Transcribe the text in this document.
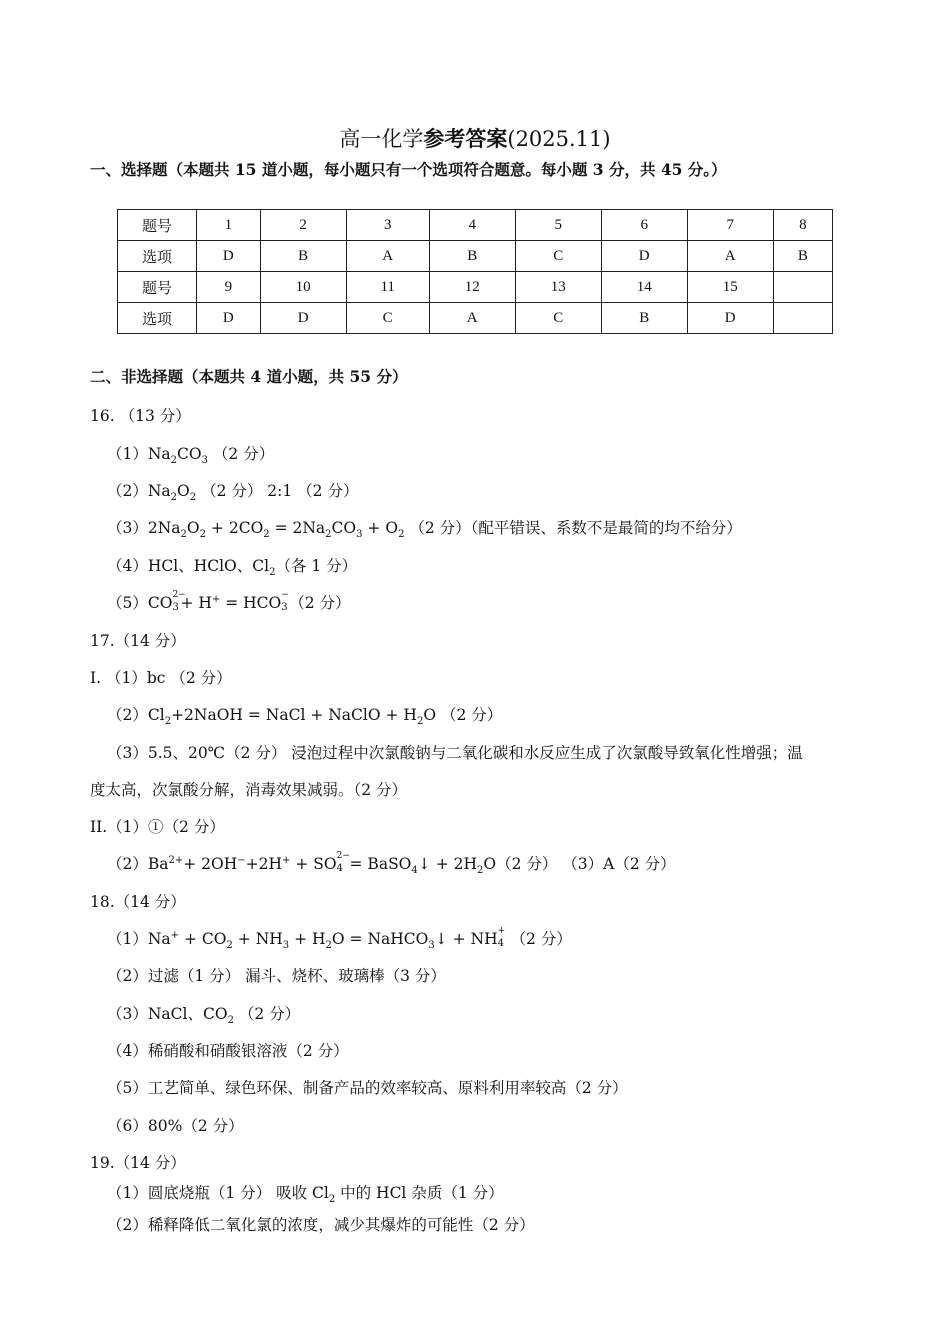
高一化学参考答案(2025.11)
一、选择题（本题共 15 道小题，每小题只有一个选项符合题意。每小题 3 分，共 45 分。）
题号	1	2	3	4	5	6	7	8
选项	D	B	A	B	C	D	A	B
题号	9	10	11	12	13	14	15	
选项	D	D	C	A	C	B	D	
二、非选择题（本题共 4 道小题，共 55 分）
16. （13 分）
$(1)Na_2CO_3$ （2 分）
$(2)Na_2O_2$ （2 分） 2:1 （2 分）
$(3)2Na_2O_2 + 2CO_2 = 2Na_2CO_3 + O_2$ （2 分）（配平错误、系数不是最简的均不给分）
（4）HCl、HClO、$Cl_2$（各 1 分）
（5）CO 2−
3 + H+ = HCO −
3 （2 分）
17.（14 分）
I. （1）bc （2 分）
$(2)Cl_2+2NaOH$ = NaCl + NaClO + $H_2O$ （2 分）
（3）5.5、20℃（2 分） 浸泡过程中次氯酸钠与二氧化碳和水反应生成了次氯酸导致氧化性增强；温
度太高，次氯酸分解，消毒效果减弱。（2 分）
II.（1）①（2 分）
$(2)Ba^{2+}+ 2OH^-+2H^+$ + SO 2−
4 = BaSO$_4$↓ + $2H_2O(2$ 分） （3）A（2 分）
18.（14 分）
$(1)Na^+ + CO_2 + NH_3 + H_2O$ = NaHCO$_3$↓ + NH +
4 （2 分）
（2）过滤（1 分） 漏斗、烧杯、玻璃棒（3 分）
（3）NaCl、$CO_2$ （2 分）
（4）稀硝酸和硝酸银溶液（2 分）
（5）工艺简单、绿色环保、制备产品的效率较高、原料利用率较高（2 分）
（6）80%（2 分）
19.（14 分）
（1）圆底烧瓶（1 分） 吸收 $Cl_2$ 中的 HCl 杂质（1 分）
（2）稀释降低二氧化氯的浓度，减少其爆炸的可能性（2 分）
